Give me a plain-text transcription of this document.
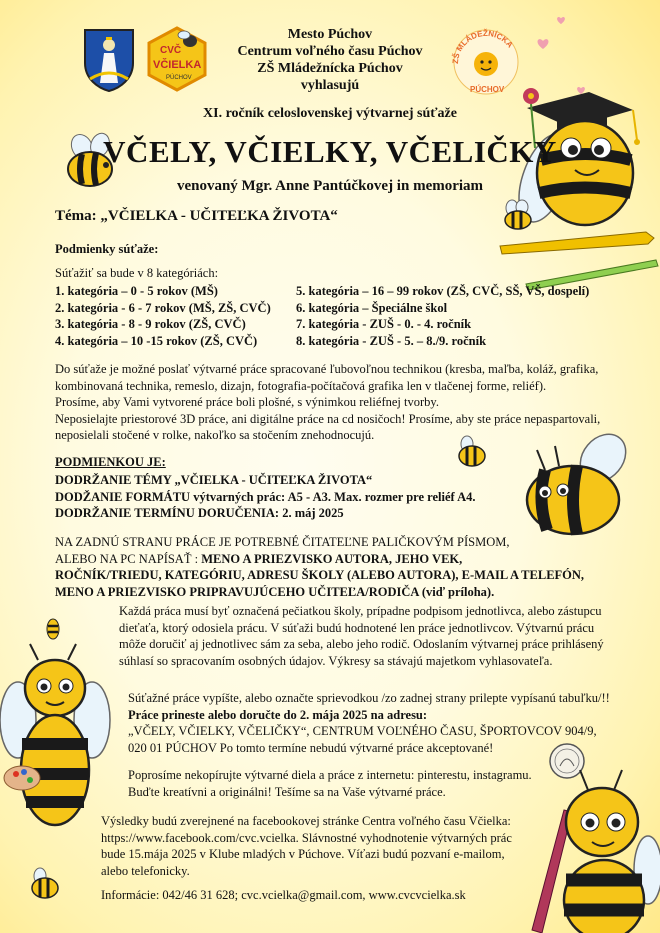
CVČ
VČIELKA
PÚCHOV
ZŠ MLÁDEŽNÍCKA
PÚCHOV
Mesto Púchov
Centrum voľného času Púchov
ZŠ Mládežnícka Púchov
vyhlasujú
XI. ročník celoslovenskej výtvarnej súťaže
VČELY, VČIELKY, VČELIČKY
venovaný Mgr. Anne Pantúčkovej in memoriam
Téma: „VČIELKA - UČITEĽKA ŽIVOTA“
Podmienky súťaže:
Súťažiť sa bude v 8 kategóriách:
1. kategória – 0 - 5 rokov (MŠ)
2. kategória - 6 - 7 rokov (MŠ, ZŠ, CVČ)
3. kategória - 8 - 9 rokov (ZŠ, CVČ)
4. kategória – 10 -15 rokov (ZŠ, CVČ)
5. kategória – 16 – 99 rokov (ZŠ, CVČ, SŠ, VŠ, dospelí)
6. kategória – Špeciálne škol
7. kategória - ZUŠ - 0. - 4. ročník
8. kategória - ZUŠ - 5. – 8./9. ročník
Do súťaže je možné poslať výtvarné práce spracované ľubovoľnou technikou (kresba, maľba, koláž, grafika,
kombinovaná technika, remeslo, dizajn, fotografia-počítačová grafika len v tlačenej forme, reliéf).
Prosíme, aby Vami vytvorené práce boli plošné, s výnimkou reliéfnej tvorby.
Neposielajte priestorové 3D práce, ani digitálne práce na cd nosičoch! Prosíme, aby ste práce nepaspartovali,
neposielali stočené v rolke, nakoľko sa stočením znehodnocujú.
PODMIENKOU JE:
DODRŽANIE TÉMY „VČIELKA - UČITEĽKA ŽIVOTA“
DODŽANIE FORMÁTU výtvarných prác: A5 - A3. Max. rozmer pre reliéf A4.
DODRŽANIE TERMÍNU DORUČENIA: 2. máj 2025
NA ZADNÚ STRANU PRÁCE JE POTREBNÉ ČITATEĽNE PALIČKOVÝM PÍSMOM,
ALEBO NA PC NAPÍSAŤ : MENO A PRIEZVISKO AUTORA, JEHO VEK,
ROČNÍK/TRIEDU, KATEGÓRIU, ADRESU ŠKOLY (ALEBO AUTORA), E-MAIL A TELEFÓN,
MENO A PRIEZVISKO PRIPRAVUJÚCEHO UČITEĽA/RODIČA (viď príloha).
Každá práca musí byť označená pečiatkou školy, prípadne podpisom jednotlivca, alebo zástupcu
dieťaťa, ktorý odosiela prácu. V súťaži budú hodnotené len práce jednotlivcov. Výtvarnú prácu
môže doručiť aj jednotlivec sám za seba, alebo jeho rodič. Odoslaním výtvarnej práce prihlásený
súhlasí so spracovaním osobných údajov. Výkresy sa stávajú majetkom vyhlasovateľa.
Súťažné práce vypíšte, alebo označte sprievodkou /zo zadnej strany prilepte vypísanú tabuľku/!!
Práce prineste alebo doručte do 2. mája 2025 na adresu:
„VČELY, VČIELKY, VČELIČKY“, CENTRUM VOĽNÉHO ČASU, ŠPORTOVCOV 904/9,
020 01 PÚCHOV Po tomto termíne nebudú výtvarné práce akceptované!
Poprosíme nekopírujte výtvarné diela a práce z internetu: pinterestu, instagramu.
Buďte kreatívni a originálni! Tešíme sa na Vaše výtvarné práce.
Výsledky budú zverejnené na facebookovej stránke Centra voľného času Včielka:
https://www.facebook.com/cvc.vcielka. Slávnostné vyhodnotenie výtvarných prác
bude 15.mája 2025 v Klube mladých v Púchove. Víťazi budú pozvaní e-mailom,
alebo telefonicky.
Informácie: 042/46 31 628; cvc.vcielka@gmail.com, www.cvcvcielka.sk
